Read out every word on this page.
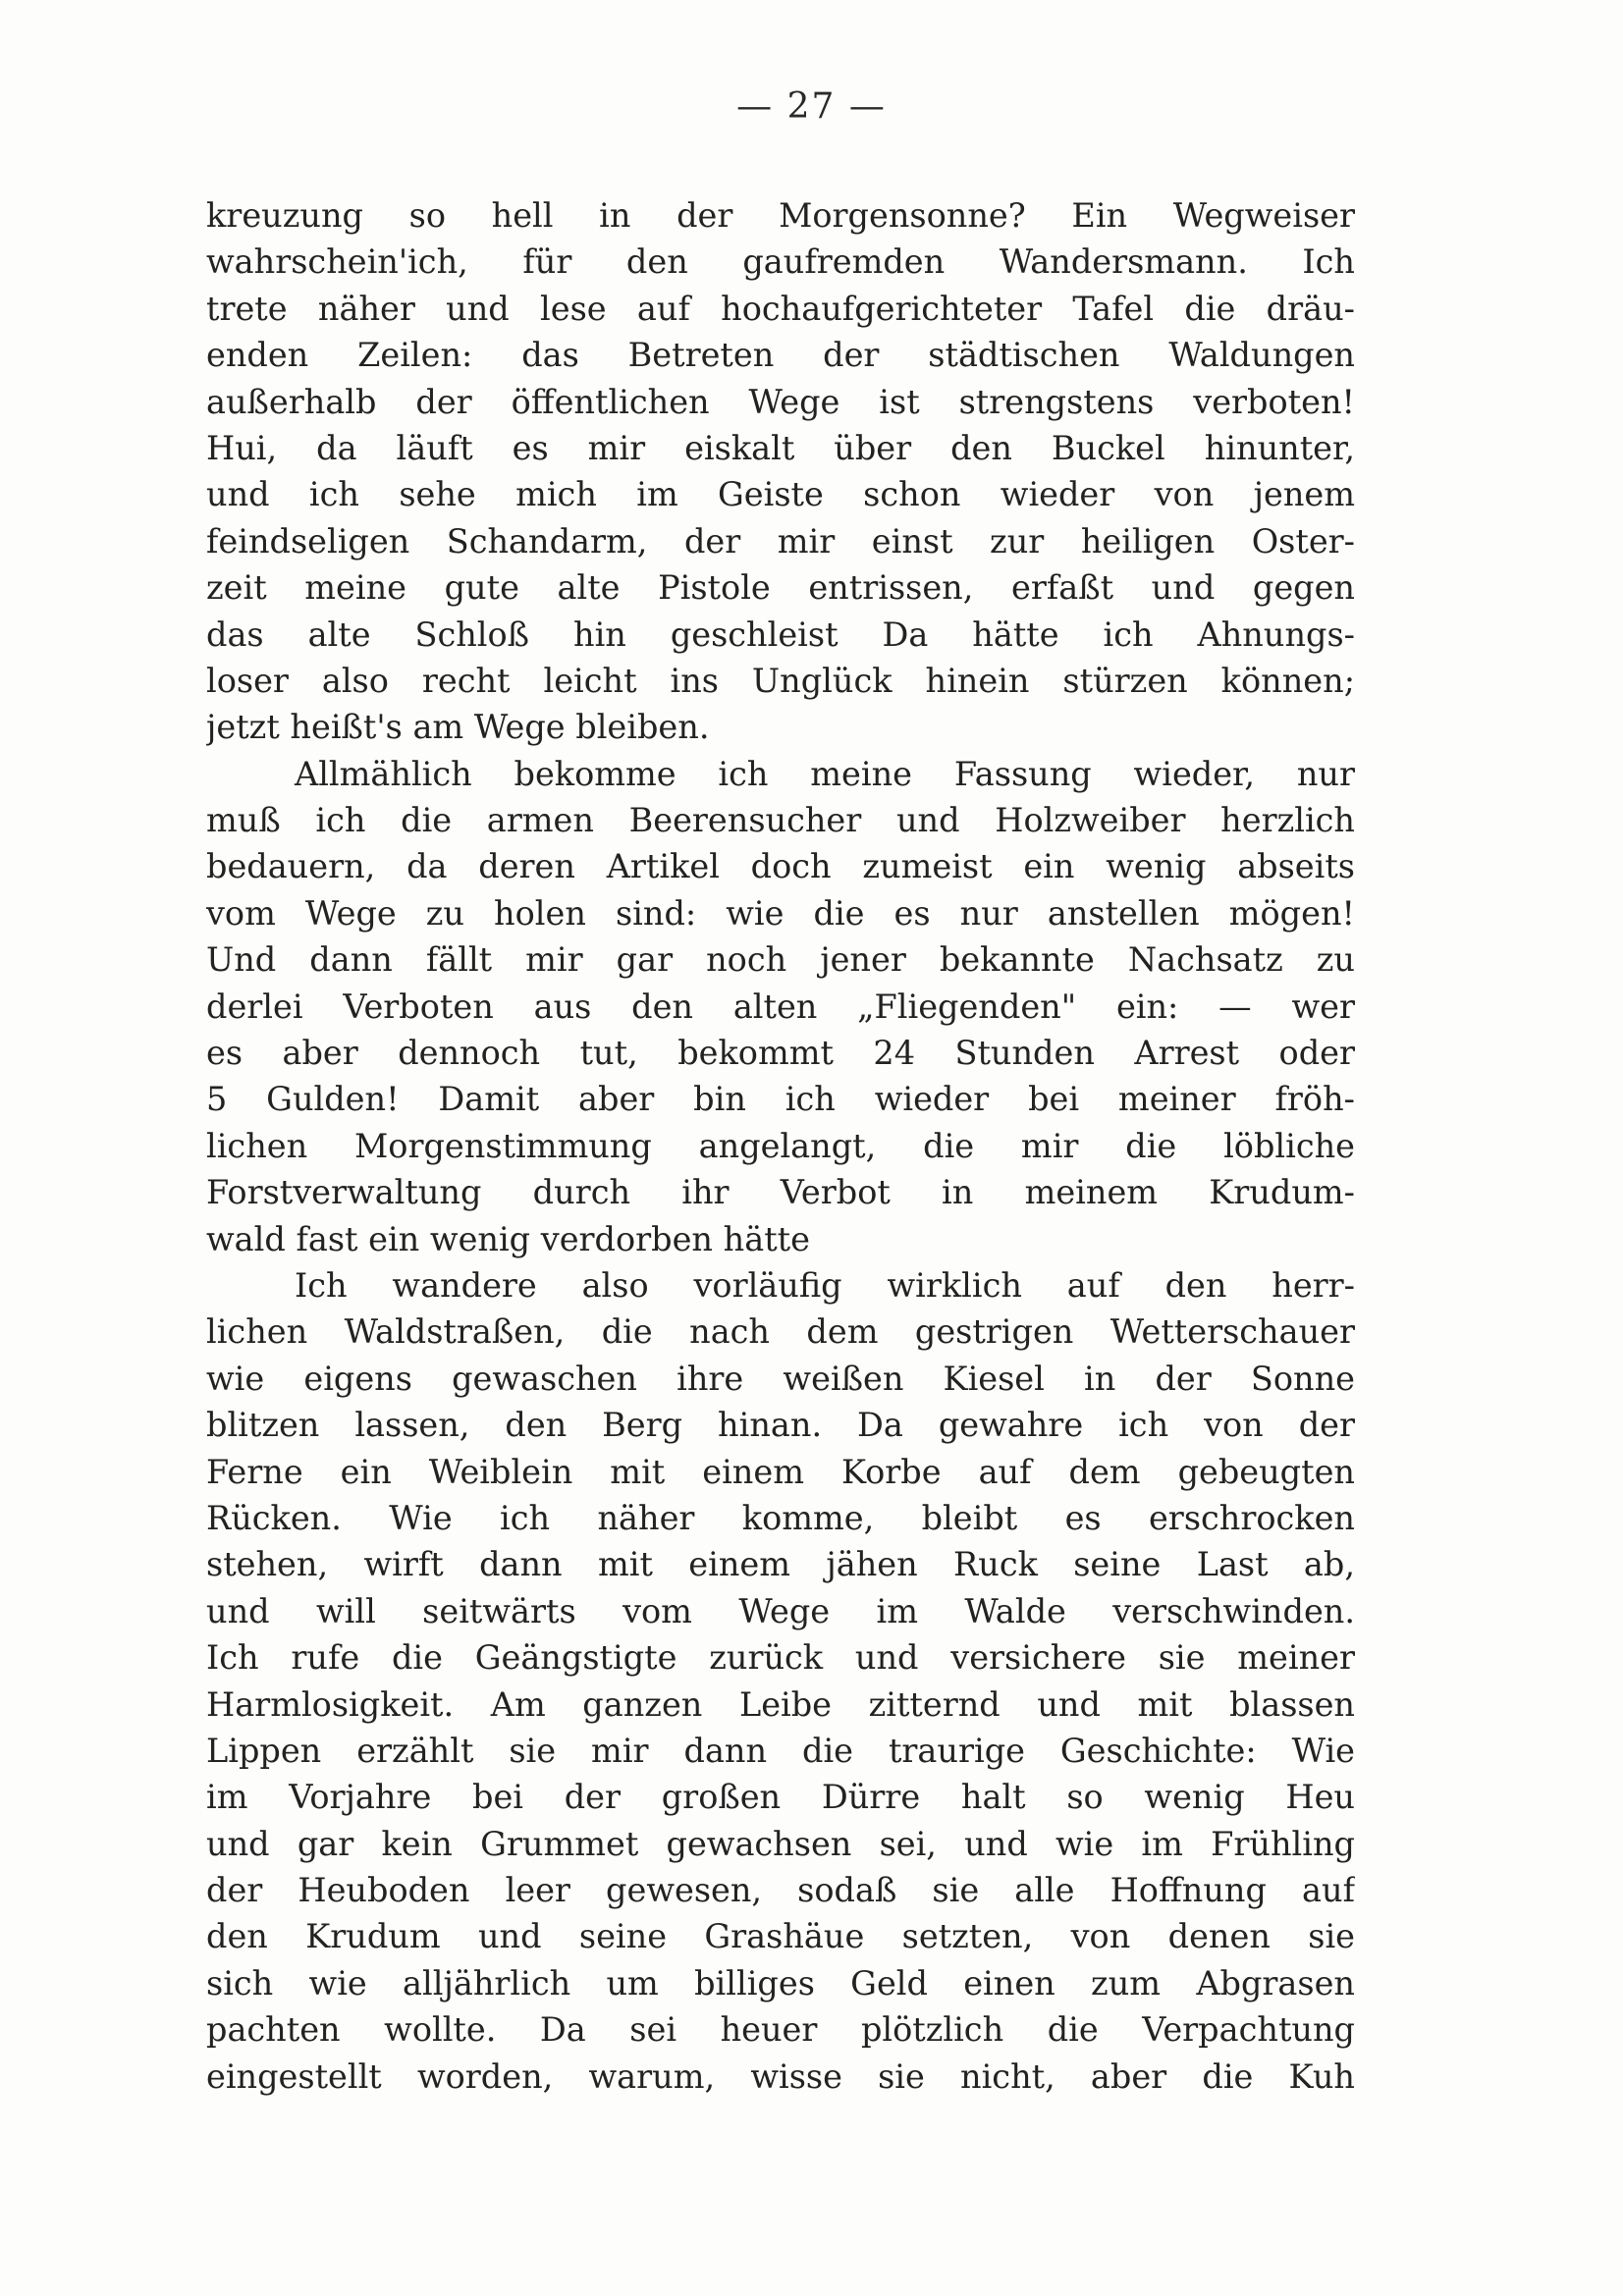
— 27 —
kreuzung so hell in der Morgensonne? Ein Wegweiser
wahrschein'ich, für den gaufremden Wandersmann. Ich
trete näher und lese auf hochaufgerichteter Tafel die dräu-
enden Zeilen: das Betreten der städtischen Waldungen
außerhalb der öffentlichen Wege ist strengstens verboten!
Hui, da läuft es mir eiskalt über den Buckel hinunter,
und ich sehe mich im Geiste schon wieder von jenem
feindseligen Schandarm, der mir einst zur heiligen Oster-
zeit meine gute alte Pistole entrissen, erfaßt und gegen
das alte Schloß hin geschleist Da hätte ich Ahnungs-
loser also recht leicht ins Unglück hinein stürzen können;
jetzt heißt's am Wege bleiben.
Allmählich bekomme ich meine Fassung wieder, nur
muß ich die armen Beerensucher und Holzweiber herzlich
bedauern, da deren Artikel doch zumeist ein wenig abseits
vom Wege zu holen sind: wie die es nur anstellen mögen!
Und dann fällt mir gar noch jener bekannte Nachsatz zu
derlei Verboten aus den alten „Fliegenden" ein: — wer
es aber dennoch tut, bekommt 24 Stunden Arrest oder
5 Gulden! Damit aber bin ich wieder bei meiner fröh-
lichen Morgenstimmung angelangt, die mir die löbliche
Forstverwaltung durch ihr Verbot in meinem Krudum-
wald fast ein wenig verdorben hätte
Ich wandere also vorläufig wirklich auf den herr-
lichen Waldstraßen, die nach dem gestrigen Wetterschauer
wie eigens gewaschen ihre weißen Kiesel in der Sonne
blitzen lassen, den Berg hinan. Da gewahre ich von der
Ferne ein Weiblein mit einem Korbe auf dem gebeugten
Rücken. Wie ich näher komme, bleibt es erschrocken
stehen, wirft dann mit einem jähen Ruck seine Last ab,
und will seitwärts vom Wege im Walde verschwinden.
Ich rufe die Geängstigte zurück und versichere sie meiner
Harmlosigkeit. Am ganzen Leibe zitternd und mit blassen
Lippen erzählt sie mir dann die traurige Geschichte: Wie
im Vorjahre bei der großen Dürre halt so wenig Heu
und gar kein Grummet gewachsen sei, und wie im Frühling
der Heuboden leer gewesen, sodaß sie alle Hoffnung auf
den Krudum und seine Grashäue setzten, von denen sie
sich wie alljährlich um billiges Geld einen zum Abgrasen
pachten wollte. Da sei heuer plötzlich die Verpachtung
eingestellt worden, warum, wisse sie nicht, aber die Kuh
